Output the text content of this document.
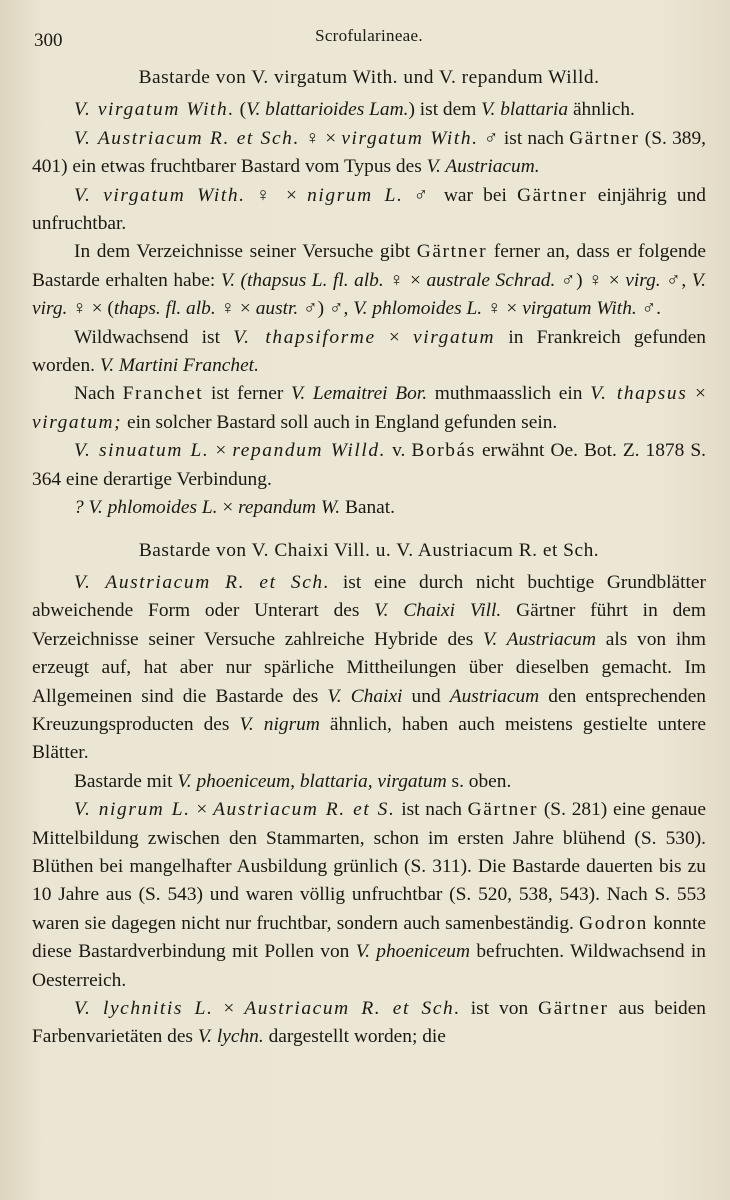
300	Scrofularineae.
Bastarde von V. virgatum With. und V. repandum Willd.

V. virgatum With. (V. blattarioides Lam.) ist dem V. blattaria ähnlich.

V. Austriacum R. et Sch. ♀ × virgatum With. ♂ ist nach Gärtner (S. 389, 401) ein etwas fruchtbarer Bastard vom Typus des V. Austriacum.

V. virgatum With. ♀ × nigrum L. ♂ war bei Gärtner einjährig und unfruchtbar.

In dem Verzeichnisse seiner Versuche gibt Gärtner ferner an, dass er folgende Bastarde erhalten habe: V. (thapsus L. fl. alb. ♀ × australe Schrad. ♂) ♀ × virg. ♂, V. virg. ♀ × (thaps. fl. alb. ♀ × austr. ♂) ♂, V. phlomoides L. ♀ × virgatum With. ♂.

Wildwachsend ist V. thapsiforme × virgatum in Frankreich gefunden worden. V. Martini Franchet.

Nach Franchet ist ferner V. Lemaitrei Bor. muthmaasslich ein V. thapsus × virgatum; ein solcher Bastard soll auch in England gefunden sein.

V. sinuatum L. × repandum Willd. v. Borbás erwähnt Oe. Bot. Z. 1878 S. 364 eine derartige Verbindung.

? V. phlomoides L. × repandum W. Banat.

Bastarde von V. Chaixi Vill. u. V. Austriacum R. et Sch.

V. Austriacum R. et Sch. ist eine durch nicht buchtige Grundblätter abweichende Form oder Unterart des V. Chaixi Vill. Gärtner führt in dem Verzeichnisse seiner Versuche zahlreiche Hybride des V. Austriacum als von ihm erzeugt auf, hat aber nur spärliche Mittheilungen über dieselben gemacht. Im Allgemeinen sind die Bastarde des V. Chaixi und Austriacum den entsprechenden Kreuzungsproducten des V. nigrum ähnlich, haben auch meistens gestielte untere Blätter.

Bastarde mit V. phoeniceum, blattaria, virgatum s. oben.

V. nigrum L. × Austriacum R. et S. ist nach Gärtner (S. 281) eine genaue Mittelbildung zwischen den Stammarten, schon im ersten Jahre blühend (S. 530). Blüthen bei mangelhafter Ausbildung grünlich (S. 311). Die Bastarde dauerten bis zu 10 Jahre aus (S. 543) und waren völlig unfruchtbar (S. 520, 538, 543). Nach S. 553 waren sie dagegen nicht nur fruchtbar, sondern auch samenbeständig. Godron konnte diese Bastardverbindung mit Pollen von V. phoeniceum befruchten. Wildwachsend in Oesterreich.

V. lychnitis L. × Austriacum R. et Sch. ist von Gärtner aus beiden Farbenvarietäten des V. lychn. dargestellt worden; die
